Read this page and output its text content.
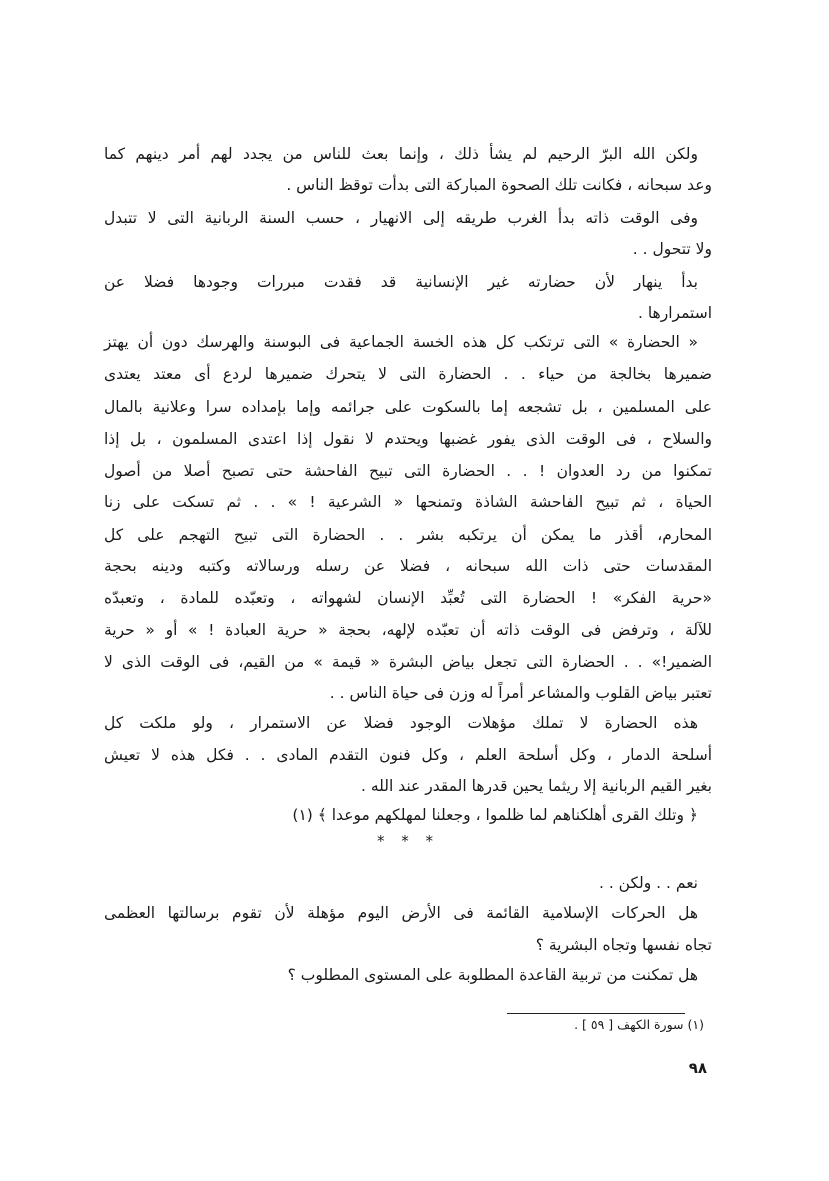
ولكن الله البرّ الرحيم لم يشأ ذلك ، وإنما بعث للناس من يجدد لهم أمر دينهم كما
وعد سبحانه ، فكانت تلك الصحوة المباركة التى بدأت توقظ الناس .
وفى الوقت ذاته بدأ الغرب طريقه إلى الانهيار ، حسب السنة الربانية التى لا تتبدل
ولا تتحول . .
بدأ ينهار لأن حضارته غير الإنسانية قد فقدت مبررات وجودها فضلا عن
استمرارها .
« الحضارة » التى ترتكب كل هذه الخسة الجماعية فى البوسنة والهرسك دون أن يهتز
ضميرها بخالجة من حياء . . الحضارة التى لا يتحرك ضميرها لردع أى معتد يعتدى
على المسلمين ، بل تشجعه إما بالسكوت على جرائمه وإما بإمداده سرا وعلانية بالمال
والسلاح ، فى الوقت الذى يفور غضبها ويحتدم لا نقول إذا اعتدى المسلمون ، بل إذا
تمكنوا من رد العدوان ! . . الحضارة التى تبيح الفاحشة حتى تصبح أصلا من أصول
الحياة ، ثم تبيح الفاحشة الشاذة وتمنحها « الشرعية ! » . . ثم تسكت على زنا
المحارم، أقذر ما يمكن أن يرتكبه بشر . . الحضارة التى تبيح التهجم على كل
المقدسات حتى ذات الله سبحانه ، فضلا عن رسله ورسالاته وكتبه ودينه بحجة
«حرية الفكر» ! الحضارة التى تُعبِّد الإنسان لشهواته ، وتعبّده للمادة ، وتعبدّه
للآلة ، وترفض فى الوقت ذاته أن تعبّده لإلهه، بحجة « حرية العبادة ! » أو « حرية
الضمير!» . . الحضارة التى تجعل بياض البشرة « قيمة » من القيم، فى الوقت الذى لا
تعتبر بياض القلوب والمشاعر أمراً له وزن فى حياة الناس . .
هذه الحضارة لا تملك مؤهلات الوجود فضلا عن الاستمرار ، ولو ملكت كل
أسلحة الدمار ، وكل أسلحة العلم ، وكل فنون التقدم المادى . . فكل هذه لا تعيش
بغير القيم الربانية إلا ريثما يحين قدرها المقدر عند الله .
﴿ وتلك القرى أهلكناهم لما ظلموا ، وجعلنا لمهلكهم موعدا ﴾ (١)
نعم . . ولكن . .
هل الحركات الإسلامية القائمة فى الأرض اليوم مؤهلة لأن تقوم برسالتها العظمى
تجاه نفسها وتجاه البشرية ؟
هل تمكنت من تربية القاعدة المطلوبة على المستوى المطلوب ؟
* * *
(١) سورة الكهف [ ٥٩ ] .
٩٨
